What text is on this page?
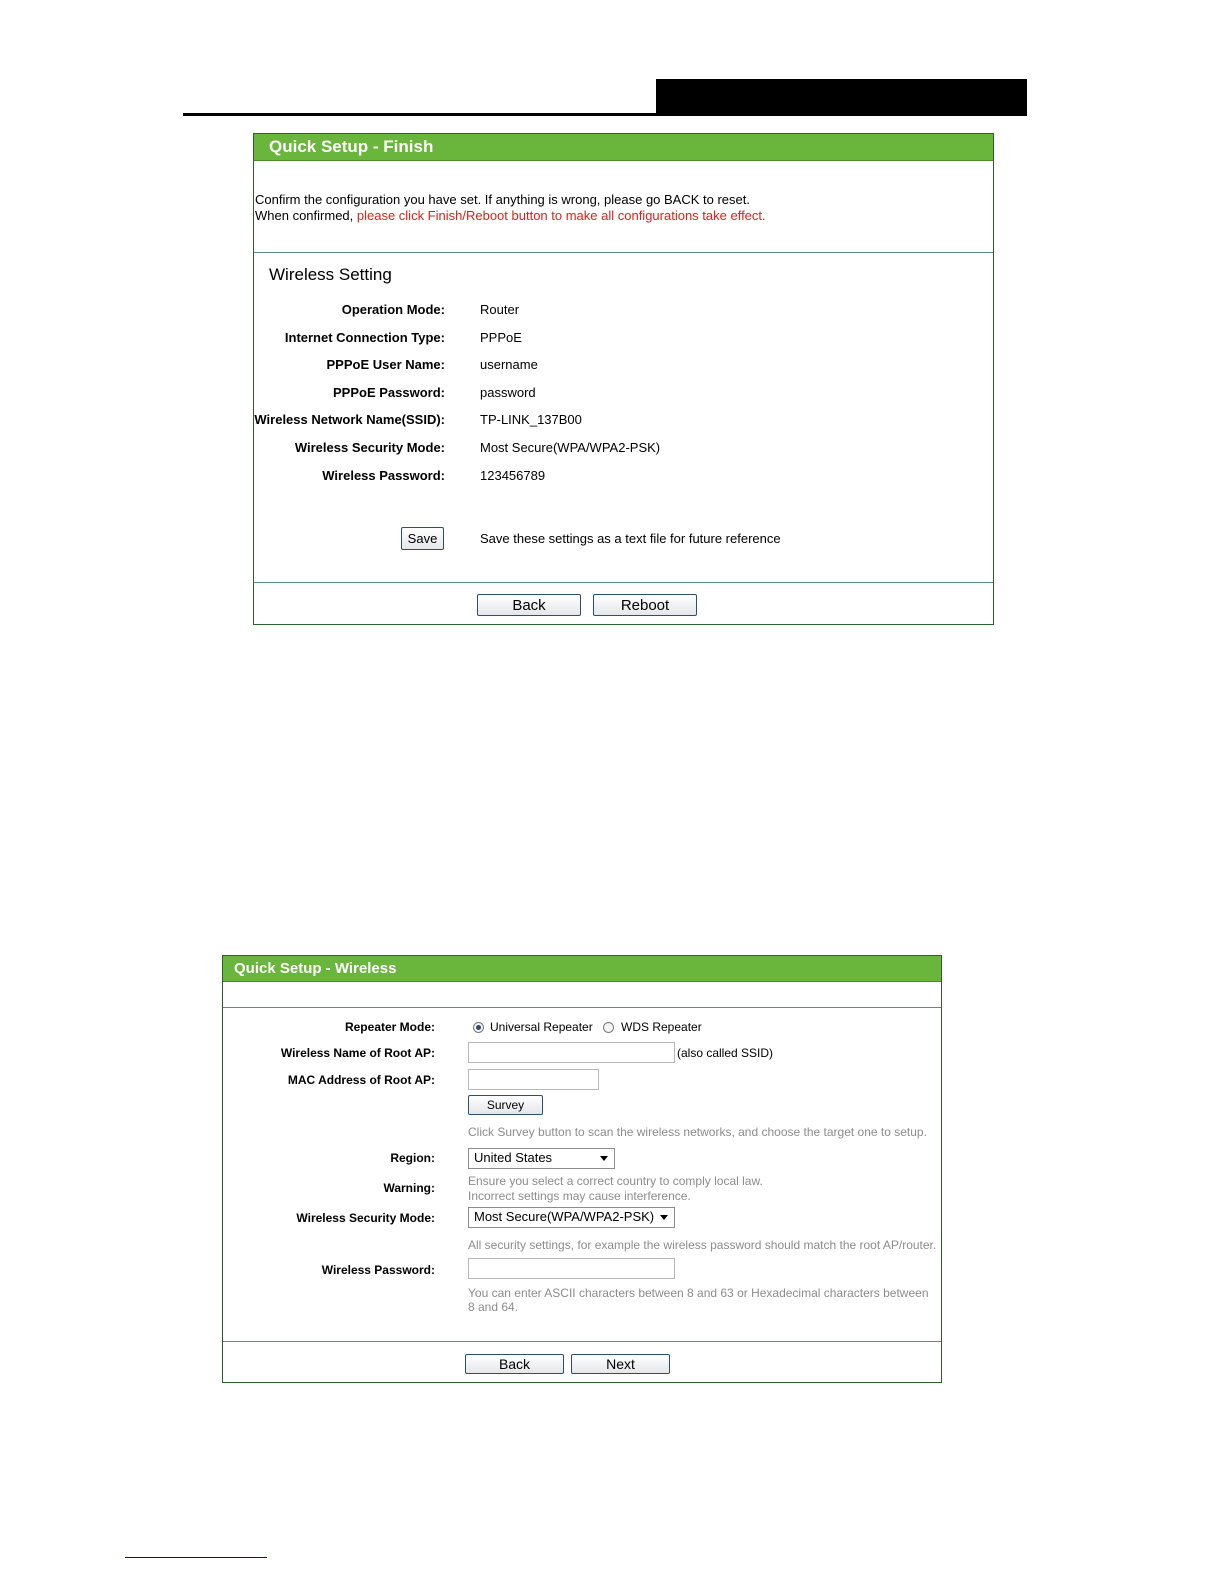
Quick Setup - Finish
Confirm the configuration you have set. If anything is wrong, please go BACK to reset.
When confirmed, please click Finish/Reboot button to make all configurations take effect.
Wireless Setting
Operation Mode:	Router
Internet Connection Type:	PPPoE
PPPoE User Name:	username
PPPoE Password:	password
Wireless Network Name(SSID):	TP-LINK_137B00
Wireless Security Mode:	Most Secure(WPA/WPA2-PSK)
Wireless Password:	123456789
Save	Save these settings as a text file for future reference
Back	Reboot
Quick Setup - Wireless
Repeater Mode:	Universal Repeater WDS Repeater
Wireless Name of Root AP:	(also called SSID)
MAC Address of Root AP:
Survey
Click Survey button to scan the wireless networks, and choose the target one to setup.
Region:	United States
Warning:	Ensure you select a correct country to comply local law.
Incorrect settings may cause interference.
Wireless Security Mode:	Most Secure(WPA/WPA2-PSK)
All security settings, for example the wireless password should match the root AP/router.
Wireless Password:
You can enter ASCII characters between 8 and 63 or Hexadecimal characters between
8 and 64.
Back	Next
